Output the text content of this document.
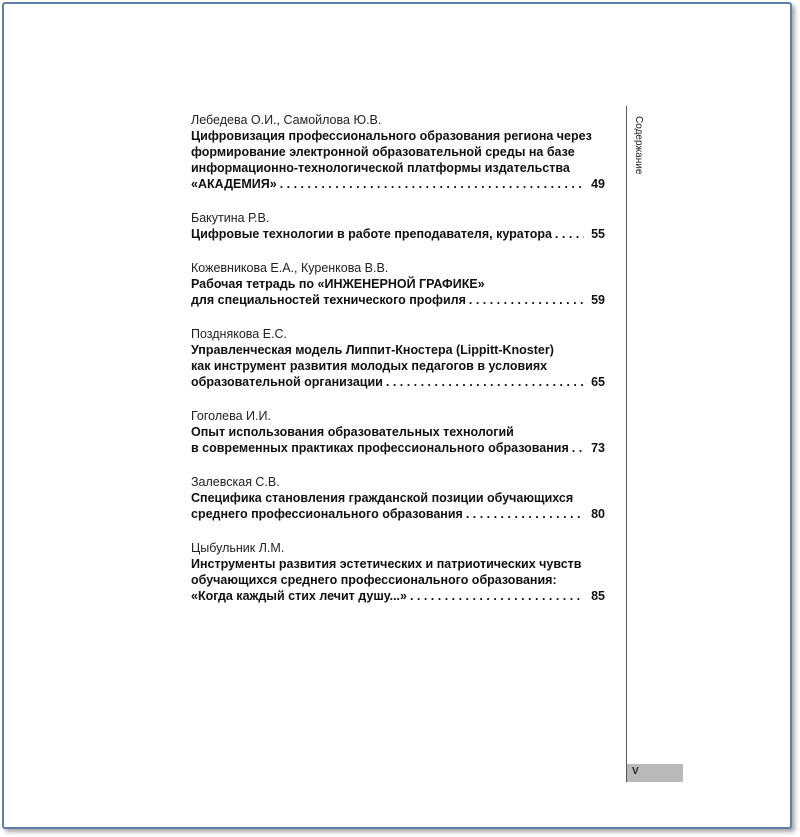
Лебедева О.И., Самойлова Ю.В.
Цифровизация профессионального образования региона через
формирование электронной образовательной среды на базе
информационно-технологической платформы издательства
«АКАДЕМИЯ» . . .	49
Бакутина Р.В.
Цифровые технологии в работе преподавателя, куратора . . .	55
Кожевникова Е.А., Куренкова В.В.
Рабочая тетрадь по «ИНЖЕНЕРНОЙ ГРАФИКЕ»
для специальностей технического профиля . . .	59
Позднякова Е.С.
Управленческая модель Липпит-Кностера (Lippitt-Knoster)
как инструмент развития молодых педагогов в условиях
образовательной организации . . .	65
Гоголева И.И.
Опыт использования образовательных технологий
в современных практиках профессионального образования . . .	73
Залевская С.В.
Специфика становления гражданской позиции обучающихся
среднего профессионального образования . . .	80
Цыбульник Л.М.
Инструменты развития эстетических и патриотических чувств
обучающихся среднего профессионального образования:
«Когда каждый стих лечит душу...» . . .	85
Содержание
V
